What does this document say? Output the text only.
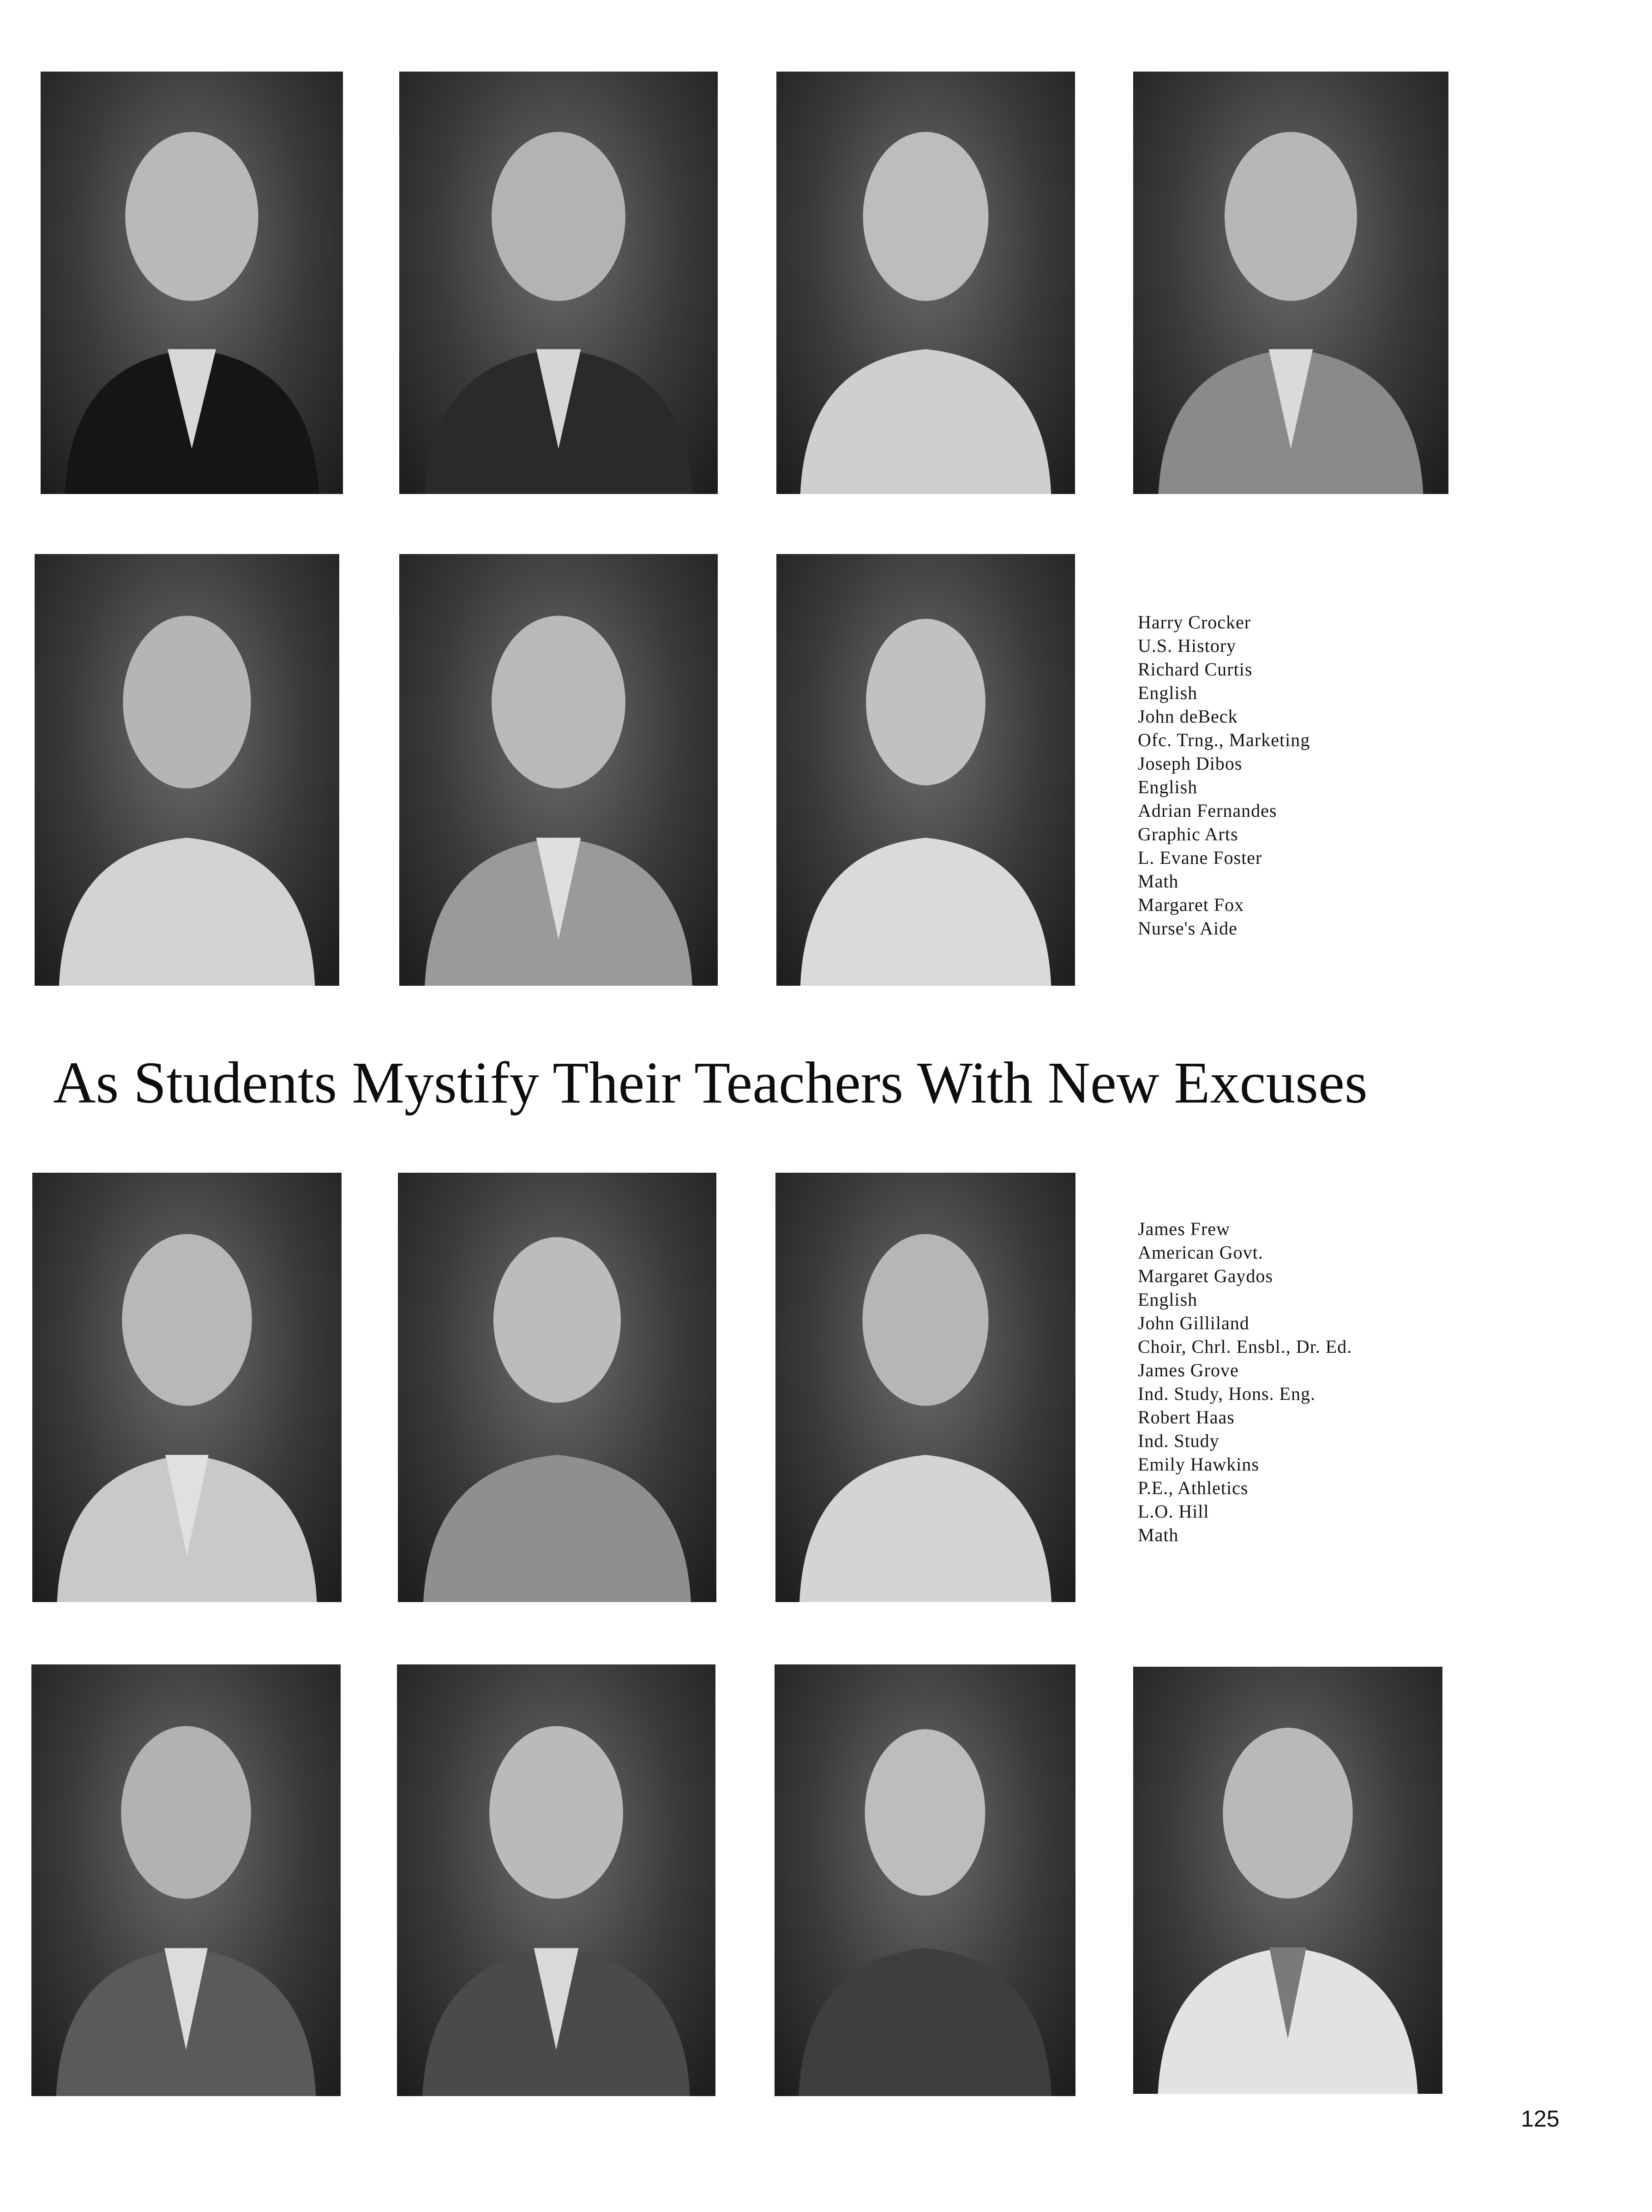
Harry Crocker
U.S. History
Richard Curtis
English
John deBeck
Ofc. Trng., Marketing
Joseph Dibos
English
Adrian Fernandes
Graphic Arts
L. Evane Foster
Math
Margaret Fox
Nurse's Aide
As Students Mystify Their Teachers With New Excuses
James Frew
American Govt.
Margaret Gaydos
English
John Gilliland
Choir, Chrl. Ensbl., Dr. Ed.
James Grove
Ind. Study, Hons. Eng.
Robert Haas
Ind. Study
Emily Hawkins
P.E., Athletics
L.O. Hill
Math
125
